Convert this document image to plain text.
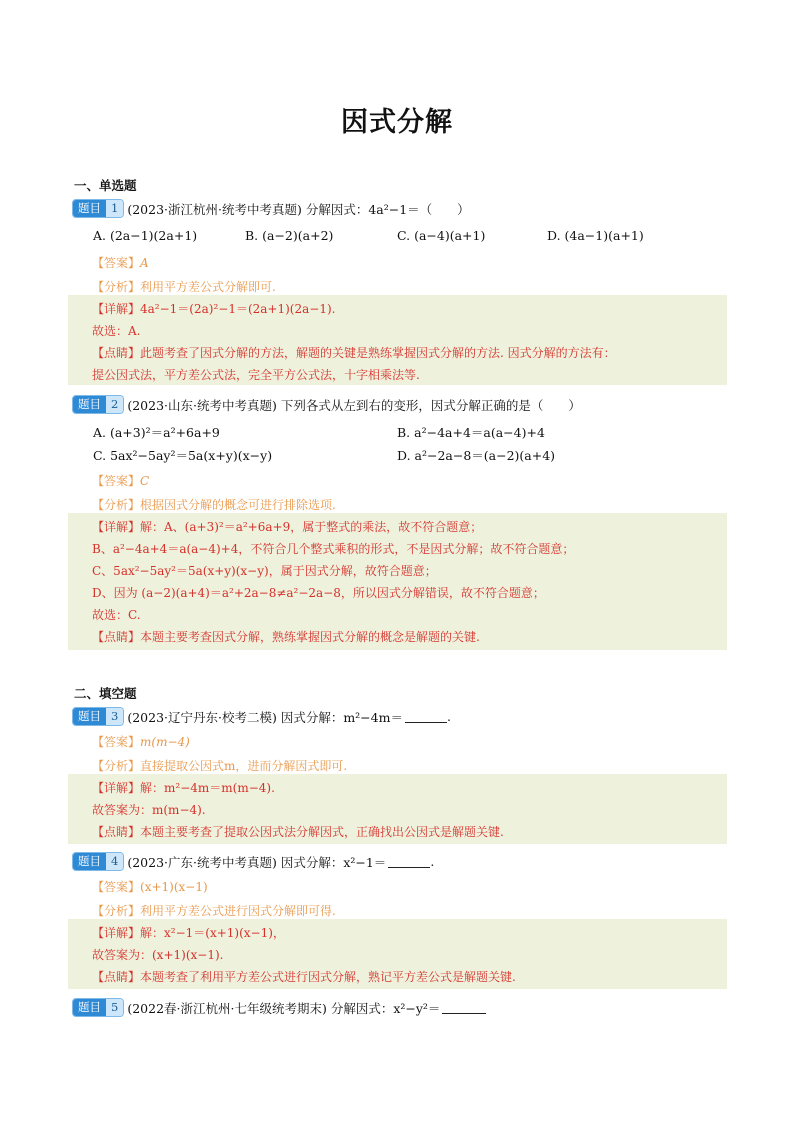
因式分解
一、单选题
题目 1 (2023·浙江杭州·统考中考真题) 分解因式：4a²−1＝（　　）
A. (2a−1)(2a+1)	B. (a−2)(a+2)	C. (a−4)(a+1)	D. (4a−1)(a+1)
【答案】A
【分析】利用平方差公式分解即可.
【详解】4a²−1＝(2a)²−1＝(2a+1)(2a−1).
故选：A.
【点睛】此题考查了因式分解的方法，解题的关键是熟练掌握因式分解的方法. 因式分解的方法有：
提公因式法，平方差公式法，完全平方公式法，十字相乘法等.
题目 2 (2023·山东·统考中考真题) 下列各式从左到右的变形，因式分解正确的是（　　）
A. (a+3)²＝a²+6a+9	B. a²−4a+4＝a(a−4)+4
C. 5ax²−5ay²＝5a(x+y)(x−y)	D. a²−2a−8＝(a−2)(a+4)
【答案】C
【分析】根据因式分解的概念可进行排除选项.
【详解】解：A、(a+3)²＝a²+6a+9，属于整式的乘法，故不符合题意；
B、a²−4a+4＝a(a−4)+4，不符合几个整式乘积的形式，不是因式分解；故不符合题意；
C、5ax²−5ay²＝5a(x+y)(x−y)，属于因式分解，故符合题意；
D、因为 (a−2)(a+4)＝a²+2a−8≠a²−2a−8，所以因式分解错误，故不符合题意；
故选：C.
【点睛】本题主要考查因式分解，熟练掌握因式分解的概念是解题的关键.
二、填空题
题目 3 (2023·辽宁丹东·校考二模) 因式分解：m²−4m＝	.
【答案】m(m−4)
【分析】直接提取公因式m，进而分解因式即可.
【详解】解：m²−4m＝m(m−4).
故答案为：m(m−4).
【点睛】本题主要考查了提取公因式法分解因式，正确找出公因式是解题关键.
题目 4 (2023·广东·统考中考真题) 因式分解：x²−1＝	.
【答案】(x+1)(x−1)
【分析】利用平方差公式进行因式分解即可得.
【详解】解：x²−1＝(x+1)(x−1)，
故答案为：(x+1)(x−1).
【点睛】本题考查了利用平方差公式进行因式分解，熟记平方差公式是解题关键.
题目 5 (2022春·浙江杭州·七年级统考期末) 分解因式：x²−y²＝
